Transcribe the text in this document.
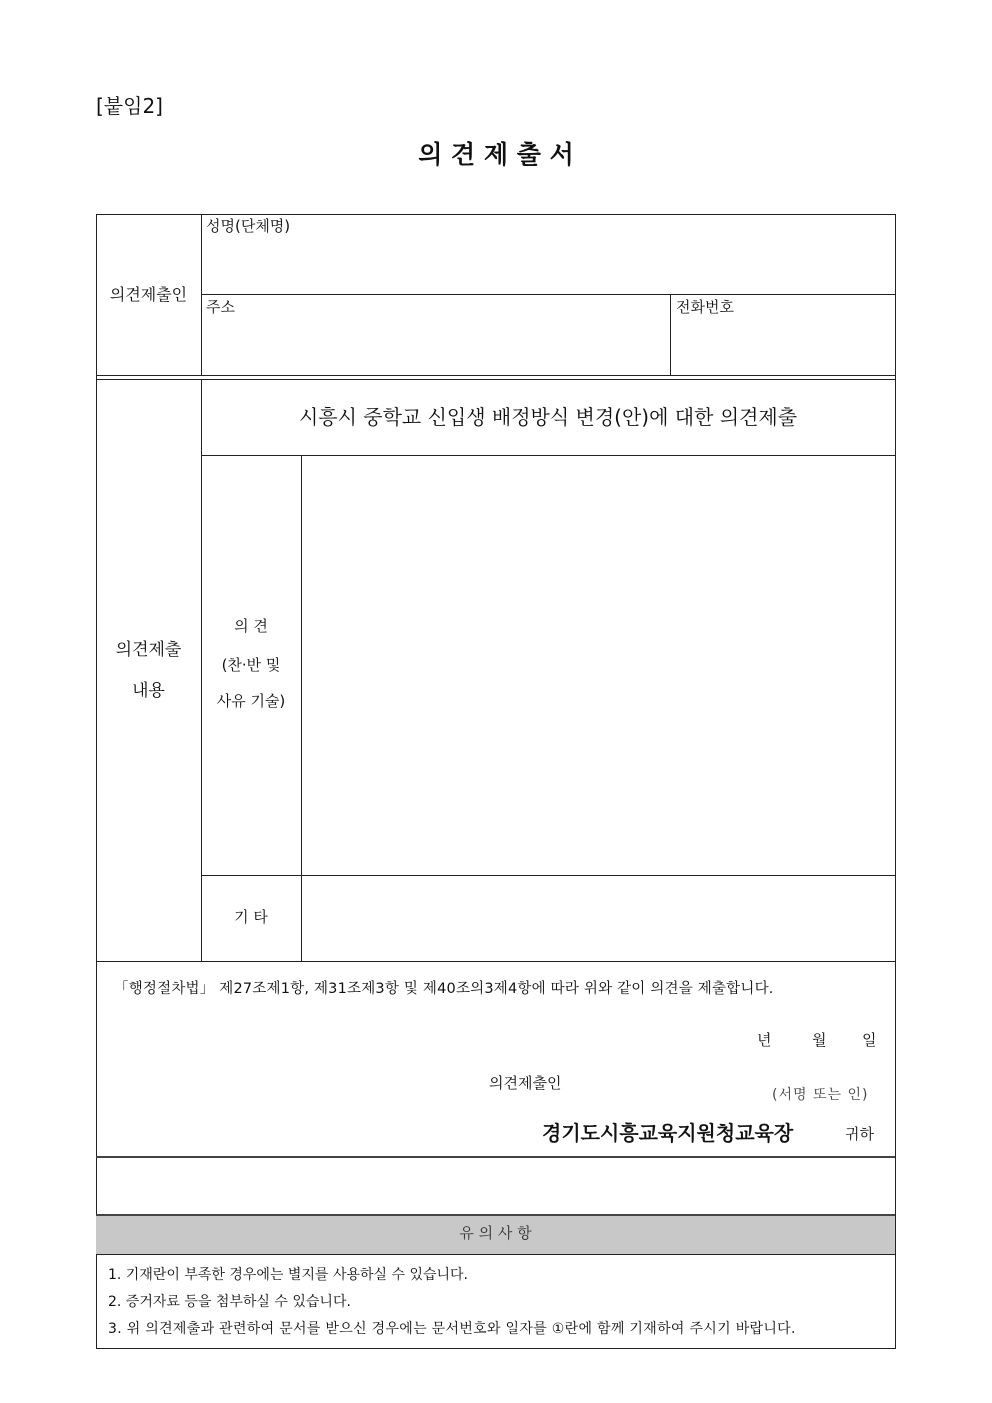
[붙임2]
의 견 제 출 서
의견제출인
성명(단체명)
주소	전화번호
의견제출
내용
시흥시 중학교 신입생 배정방식 변경(안)에 대한 의견제출
의 견
(찬·반 및
사유 기술)
기 타
「행정절차법」 제27조제1항, 제31조제3항 및 제40조의3제4항에 따라 위와 같이 의견을 제출합니다.
년	월 일
의견제출인
(서명 또는 인)
경기도시흥교육지원청교육장	귀하
유 의 사 항
1. 기재란이 부족한 경우에는 별지를 사용하실 수 있습니다.
2. 증거자료 등을 첨부하실 수 있습니다.
3. 위 의견제출과 관련하여 문서를 받으신 경우에는 문서번호와 일자를 ①란에 함께 기재하여 주시기 바랍니다.
